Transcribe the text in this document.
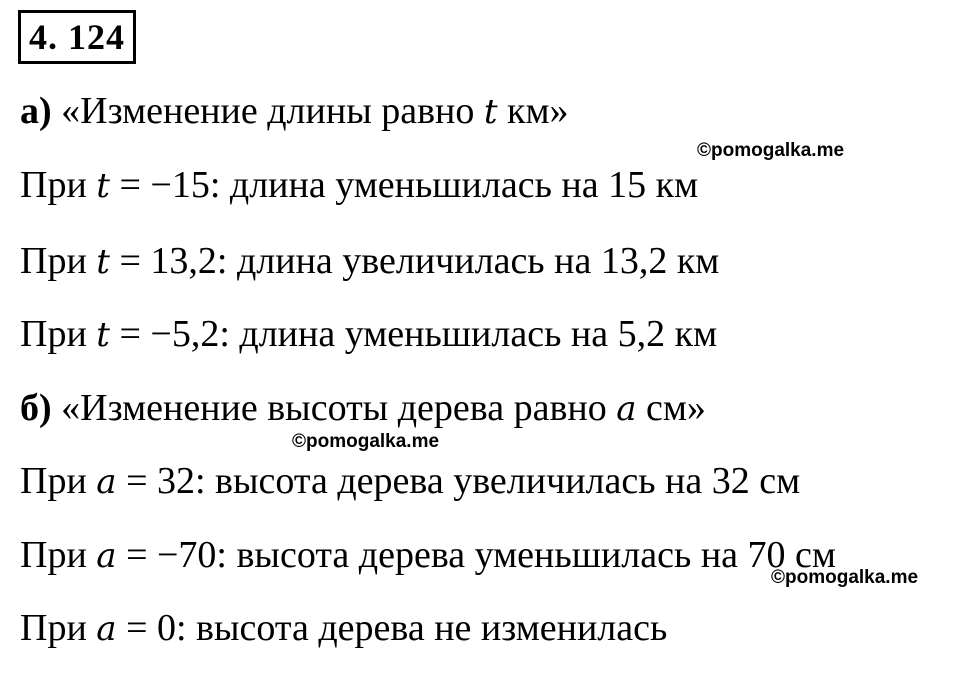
4. 124
а) «Изменение длины равно t км»
©pomogalka.me
При t = −15: длина уменьшилась на 15 км
При t = 13,2: длина увеличилась на 13,2 км
При t = −5,2: длина уменьшилась на 5,2 км
б) «Изменение высоты дерева равно a см»
©pomogalka.me
При a = 32: высота дерева увеличилась на 32 см
При a = −70: высота дерева уменьшилась на 70 см
©pomogalka.me
При a = 0: высота дерева не изменилась
